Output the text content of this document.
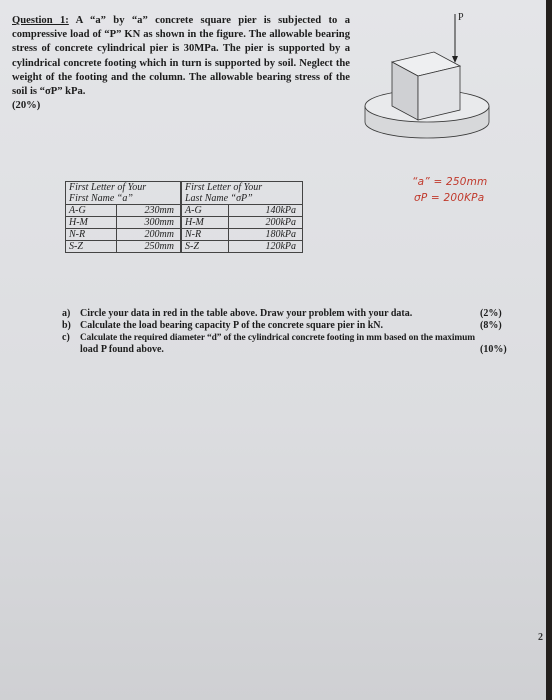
Question 1: A “a” by “a” concrete square pier is subjected to a compressive load of “P” KN as shown in the figure. The allowable bearing stress of concrete cylindrical pier is 30MPa. The pier is supported by a cylindrical concrete footing which in turn is supported by soil. Neglect the weight of the footing and the column. The allowable bearing stress of the soil is “σP” kPa.
(20%)
P
First Letter of Your		First Letter of Your	
First Name “a”		Last Name “σP”	
A-G	230mm	A-G	140kPa
H-M	300mm	H-M	200kPa
N-R	200mm	N-R	180kPa
S-Z	250mm	S-Z	120kPa
“a” = 250mm
σP = 200KPa
a) Circle your data in red in the table above. Draw your problem with your data.	(2%)
b) Calculate the load bearing capacity P of the concrete square pier in kN.	(8%)
c) Calculate the required diameter “d” of the cylindrical concrete footing in mm based on the maximum
load P found above.	(10%)
2
